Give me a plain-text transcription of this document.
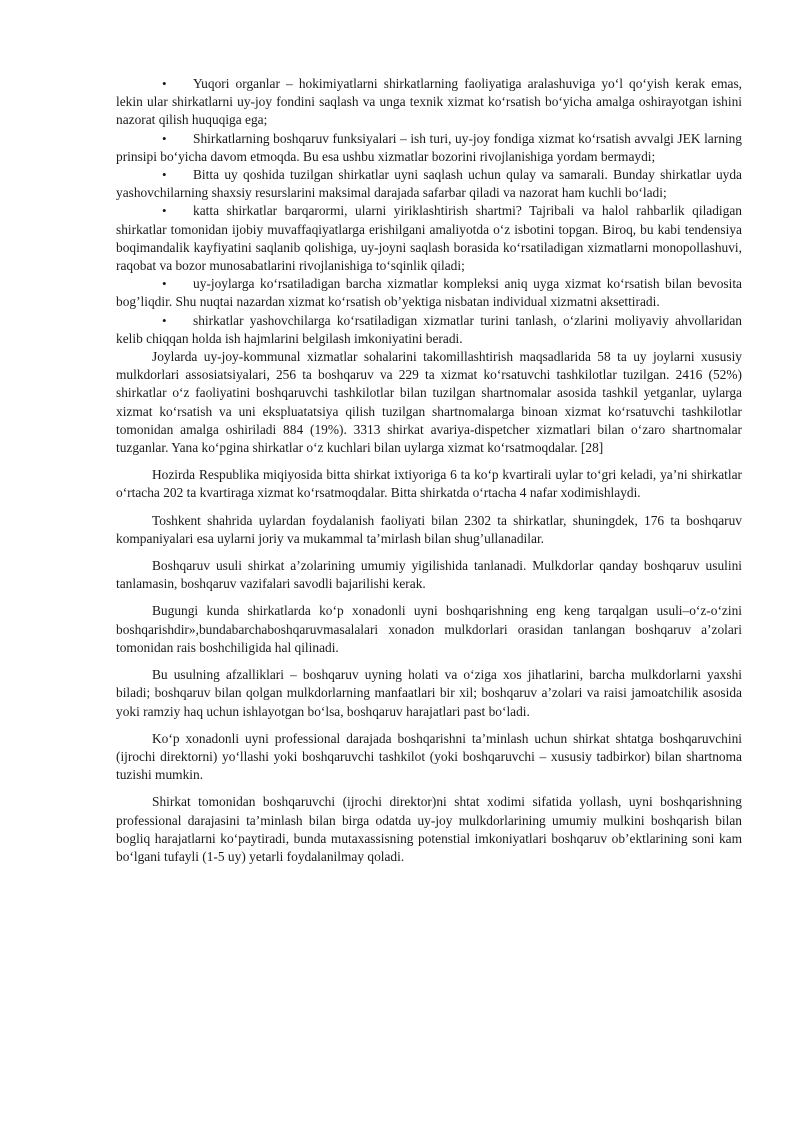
• Yuqori organlar – hokimiyatlarni shirkatlarning faoliyatiga aralashuviga yo‘l qo‘yish kerak emas, lekin ular shirkatlarni uy-joy fondini saqlash va unga texnik xizmat ko‘rsatish bo‘yicha amalga oshirayotgan ishini nazorat qilish huquqiga ega;

• Shirkatlarning boshqaruv funksiyalari – ish turi, uy-joy fondiga xizmat ko‘rsatish avvalgi JEK larning prinsipi bo‘yicha davom etmoqda. Bu esa ushbu xizmatlar bozorini rivojlanishiga yordam bermaydi;

• Bitta uy qoshida tuzilgan shirkatlar uyni saqlash uchun qulay va samarali. Bunday shirkatlar uyda yashovchilarning shaxsiy resurslarini maksimal darajada safarbar qiladi va nazorat ham kuchli bo‘ladi;

• katta shirkatlar barqarormi, ularni yiriklashtirish shartmi? Tajribali va halol rahbarlik qiladigan shirkatlar tomonidan ijobiy muvaffaqiyatlarga erishilgani amaliyotda o‘z isbotini topgan. Biroq, bu kabi tendensiya boqimandalik kayfiyatini saqlanib qolishiga, uy-joyni saqlash borasida ko‘rsatiladigan xizmatlarni monopollashuvi, raqobat va bozor munosabatlarini rivojlanishiga to‘sqinlik qiladi;

• uy-joylarga ko‘rsatiladigan barcha xizmatlar kompleksi aniq uyga xizmat ko‘rsatish bilan bevosita bog’liqdir. Shu nuqtai nazardan xizmat ko‘rsatish ob’yektiga nisbatan individual xizmatni aksettiradi.

• shirkatlar yashovchilarga ko‘rsatiladigan xizmatlar turini tanlash, o‘zlarini moliyaviy ahvollaridan kelib chiqqan holda ish hajmlarini belgilash imkoniyatini beradi.

Joylarda uy-joy-kommunal xizmatlar sohalarini takomillashtirish maqsadlarida 58 ta uy joylarni xususiy mulkdorlari assosiatsiyalari, 256 ta boshqaruv va 229 ta xizmat ko‘rsatuvchi tashkilotlar tuzilgan. 2416 (52%) shirkatlar o‘z faoliyatini boshqaruvchi tashkilotlar bilan tuzilgan shartnomalar asosida tashkil yetganlar, uylarga xizmat ko‘rsatish va uni ekspluatatsiya qilish tuzilgan shartnomalarga binoan xizmat ko‘rsatuvchi tashkilotlar tomonidan amalga oshiriladi 884 (19%). 3313 shirkat avariya-dispetcher xizmatlari bilan o‘zaro shartnomalar tuzganlar. Yana ko‘pgina shirkatlar o‘z kuchlari bilan uylarga xizmat ko‘rsatmoqdalar. [28]

Hozirda Respublika miqiyosida bitta shirkat ixtiyoriga 6 ta ko‘p kvartirali uylar to‘gri keladi, ya’ni shirkatlar o‘rtacha 202 ta kvartiraga xizmat ko‘rsatmoqdalar. Bitta shirkatda o‘rtacha 4 nafar xodimishlaydi.

Toshkent shahrida uylardan foydalanish faoliyati bilan 2302 ta shirkatlar, shuningdek, 176 ta boshqaruv kompaniyalari esa uylarni joriy va mukammal ta’mirlash bilan shug’ullanadilar.

Boshqaruv usuli shirkat a’zolarining umumiy yigilishida tanlanadi. Mulkdorlar qanday boshqaruv usulini tanlamasin, boshqaruv vazifalari savodli bajarilishi kerak.

Bugungi kunda shirkatlarda ko‘p xonadonli uyni boshqarishning eng keng tarqalgan usuli–o‘z-o‘zini boshqarishdir»,bundabarchaboshqaruvmasalalari xonadon mulkdorlari orasidan tanlangan boshqaruv a’zolari tomonidan rais boshchiligida hal qilinadi.

Bu usulning afzalliklari – boshqaruv uyning holati va o‘ziga xos jihatlarini, barcha mulkdorlarni yaxshi biladi; boshqaruv bilan qolgan mulkdorlarning manfaatlari bir xil; boshqaruv a’zolari va raisi jamoatchilik asosida yoki ramziy haq uchun ishlayotgan bo‘lsa, boshqaruv harajatlari past bo‘ladi.

Ko‘p xonadonli uyni professional darajada boshqarishni ta’minlash uchun shirkat shtatga boshqaruvchini (ijrochi direktorni) yo‘llashi yoki boshqaruvchi tashkilot (yoki boshqaruvchi – xususiy tadbirkor) bilan shartnoma tuzishi mumkin.

Shirkat tomonidan boshqaruvchi (ijrochi direktor)ni shtat xodimi sifatida yollash, uyni boshqarishning professional darajasini ta’minlash bilan birga odatda uy-joy mulkdorlarining umumiy mulkini boshqarish bilan bogliq harajatlarni ko‘paytiradi, bunda mutaxassisning potenstial imkoniyatlari boshqaruv ob’ektlarining soni kam bo‘lgani tufayli (1-5 uy) yetarli foydalanilmay qoladi.
